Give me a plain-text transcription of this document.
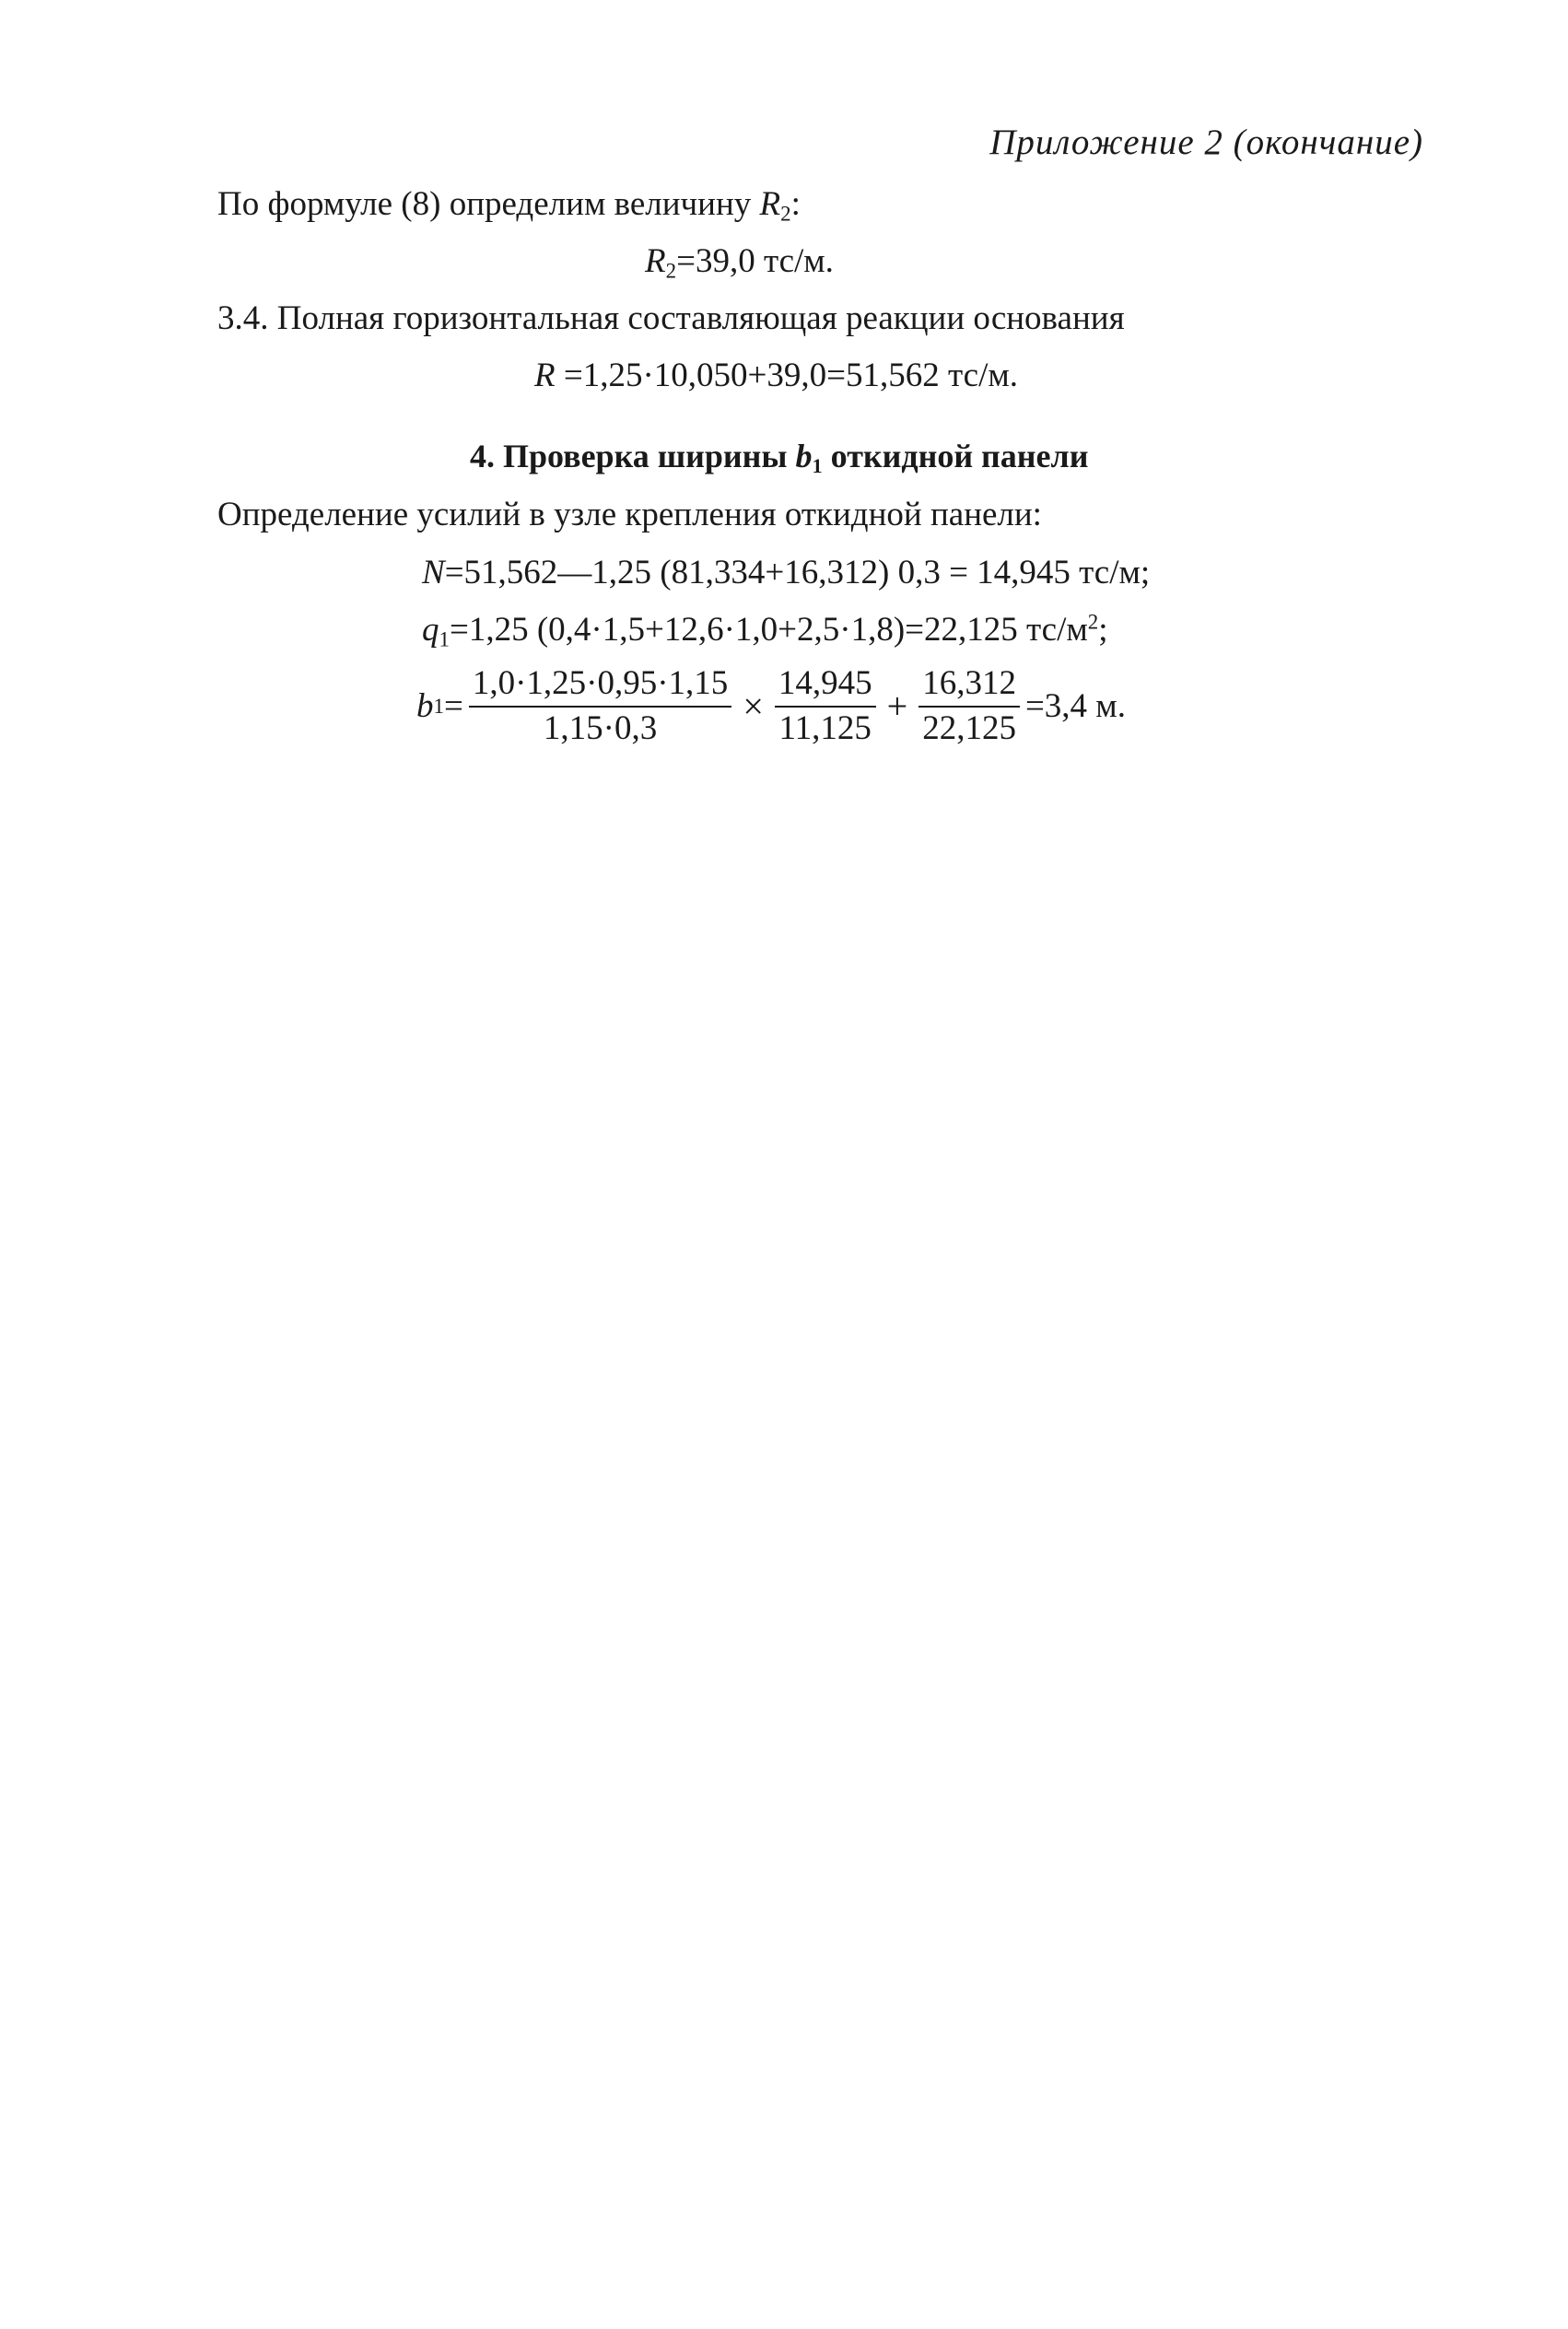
Приложение 2 (окончание)
По формуле (8) определим величину $R_2$:
$R_2=39,0$ тс/м.
3.4. Полная горизонтальная составляющая реакции основания
R =1,25·10,050+39,0=51,562 тс/м.
4. Проверка ширины $b_1$ откидной панели
Определение усилий в узле крепления откидной панели:
N=51,562—1,25 (81,334+16,312) 0,3 = 14,945 тс/м;
$q_1=1,25$ (0,4·1,5+12,6·1,0+2,5·1,8)=22,125 $тс/м^2$;
b $1 = \frac{1,0\cdot 1,25\cdot 0,95\cdot 1,15}{1,15\cdot 0,3} \times \frac{14,945}{11,125} + \frac{16,312}{22,125} =3,4$ м.
